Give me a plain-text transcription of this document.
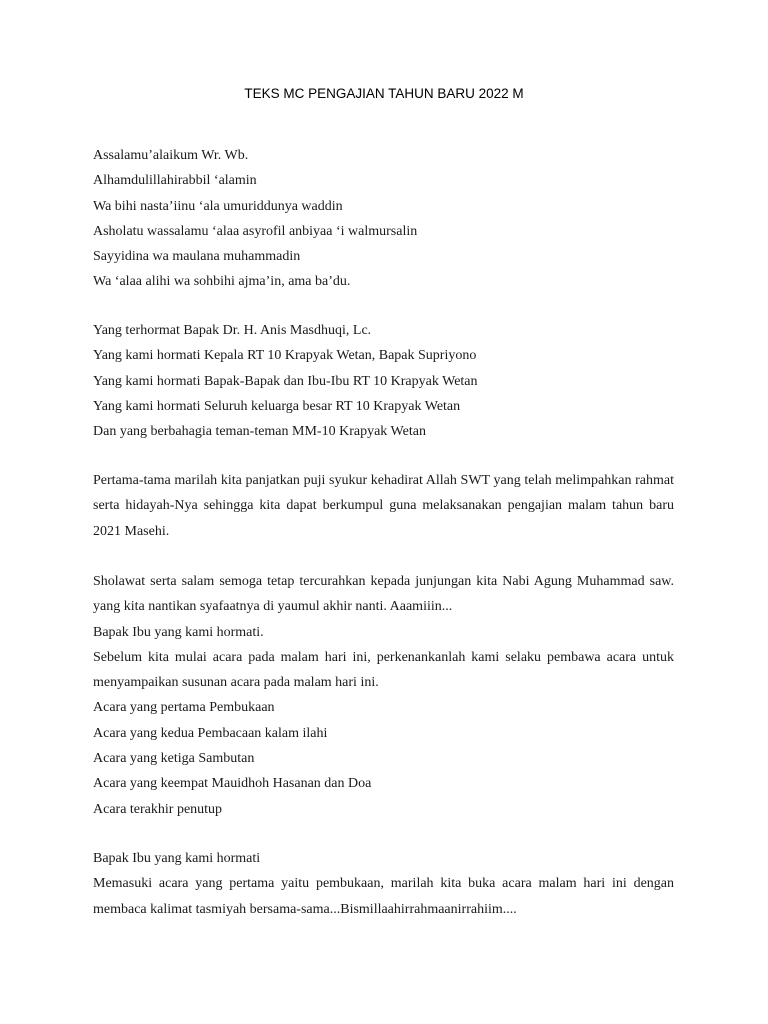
TEKS MC PENGAJIAN TAHUN BARU 2022 M

Assalamu’alaikum Wr. Wb.

Alhamdulillahirabbil ‘alamin

Wa bihi nasta’iinu ‘ala umuriddunya waddin

Asholatu wassalamu ‘alaa asyrofil anbiyaa ‘i walmursalin

Sayyidina wa maulana muhammadin

Wa ‘alaa alihi wa sohbihi ajma’in, ama ba’du.

Yang terhormat Bapak Dr. H. Anis Masdhuqi, Lc.

Yang kami hormati Kepala RT 10 Krapyak Wetan, Bapak Supriyono

Yang kami hormati Bapak-Bapak dan Ibu-Ibu RT 10 Krapyak Wetan

Yang kami hormati Seluruh keluarga besar RT 10 Krapyak Wetan

Dan yang berbahagia teman-teman MM-10 Krapyak Wetan

Pertama-tama marilah kita panjatkan puji syukur kehadirat Allah SWT yang telah melimpahkan rahmat serta hidayah-Nya sehingga kita dapat berkumpul guna melaksanakan pengajian malam tahun baru 2021 Masehi.

Sholawat serta salam semoga tetap tercurahkan kepada junjungan kita Nabi Agung Muhammad saw. yang kita nantikan syafaatnya di yaumul akhir nanti. Aaamiiin...

Bapak Ibu yang kami hormati.

Sebelum kita mulai acara pada malam hari ini, perkenankanlah kami selaku pembawa acara untuk menyampaikan susunan acara pada malam hari ini.

Acara yang pertama Pembukaan

Acara yang kedua Pembacaan kalam ilahi

Acara yang ketiga Sambutan

Acara yang keempat Mauidhoh Hasanan dan Doa

Acara terakhir penutup

Bapak Ibu yang kami hormati

Memasuki acara yang pertama yaitu pembukaan, marilah kita buka acara malam hari ini dengan membaca kalimat tasmiyah bersama-sama...Bismillaahirrahmaanirrahiim....
